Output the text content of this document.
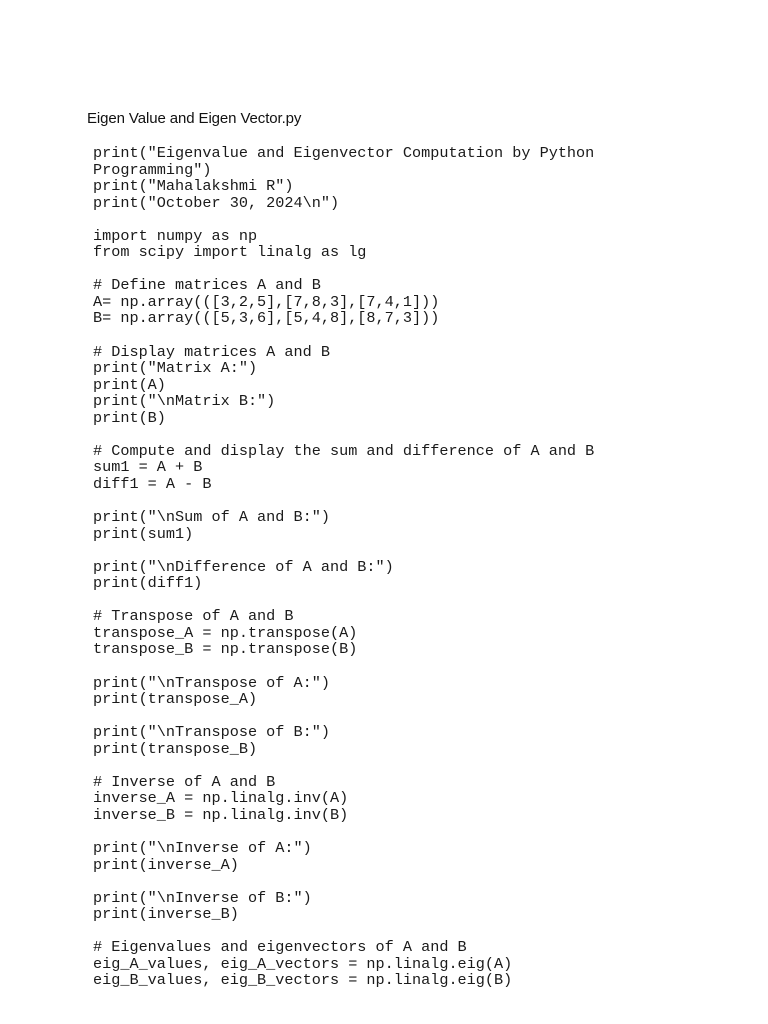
Eigen Value and Eigen Vector.py
print("Eigenvalue and Eigenvector Computation by Python
Programming")
print("Mahalakshmi R")
print("October 30, 2024\n")
import numpy as np
from scipy import linalg as lg
# Define matrices A and B
A= np.array(([3,2,5],[7,8,3],[7,4,1]))
B= np.array(([5,3,6],[5,4,8],[8,7,3]))
# Display matrices A and B
print("Matrix A:")
print(A)
print("\nMatrix B:")
print(B)
# Compute and display the sum and difference of A and B
sum1 = A + B
diff1 = A - B
print("\nSum of A and B:")
print(sum1)
print("\nDifference of A and B:")
print(diff1)
# Transpose of A and B
transpose_A = np.transpose(A)
transpose_B = np.transpose(B)
print("\nTranspose of A:")
print(transpose_A)
print("\nTranspose of B:")
print(transpose_B)
# Inverse of A and B
inverse_A = np.linalg.inv(A)
inverse_B = np.linalg.inv(B)
print("\nInverse of A:")
print(inverse_A)
print("\nInverse of B:")
print(inverse_B)
# Eigenvalues and eigenvectors of A and B
eig_A_values, eig_A_vectors = np.linalg.eig(A)
eig_B_values, eig_B_vectors = np.linalg.eig(B)
